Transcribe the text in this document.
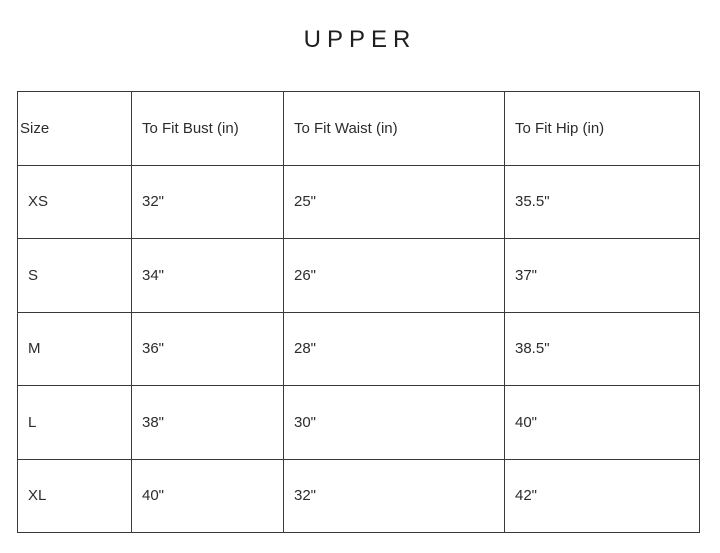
UPPER
Size	To Fit Bust (in)	To Fit Waist (in)	To Fit Hip (in)
XS	32"	25"	35.5"
S	34"	26"	37"
M	36"	28"	38.5"
L	38"	30"	40"
XL	40"	32"	42"
